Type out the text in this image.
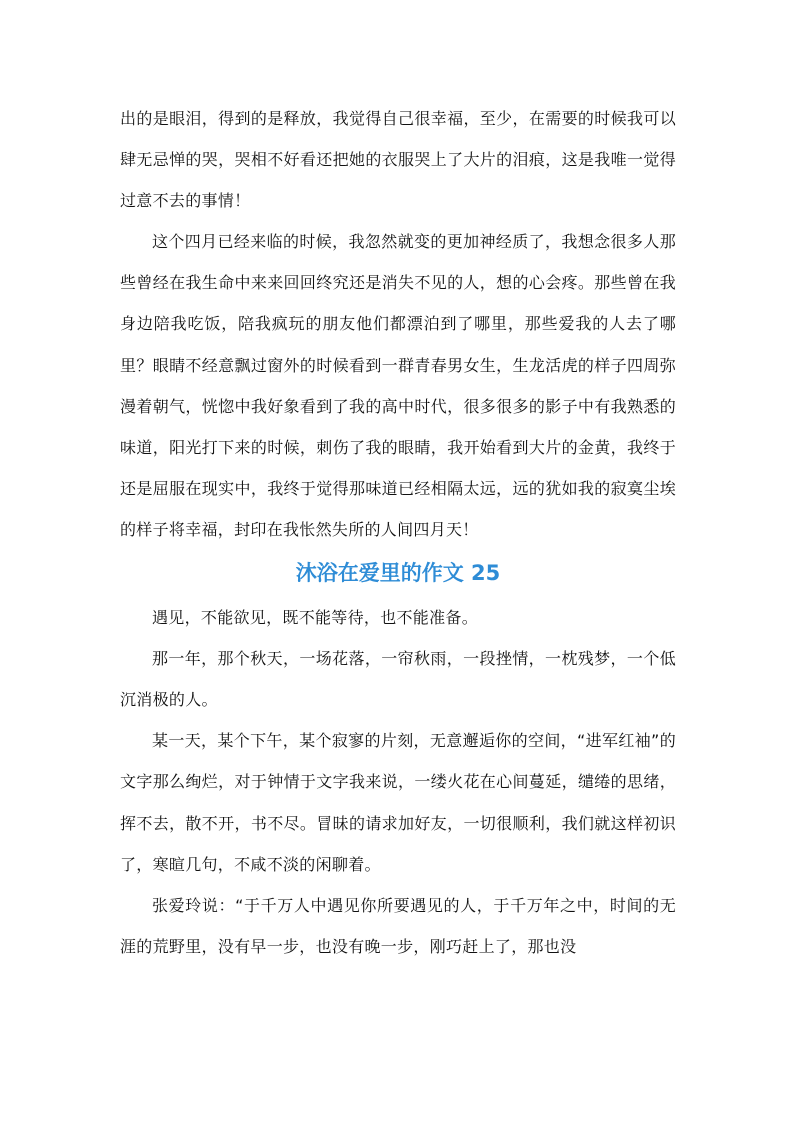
出的是眼泪，得到的是释放，我觉得自己很幸福，至少，在需要的时候我可以肆无忌惮的哭，哭相不好看还把她的衣服哭上了大片的泪痕，这是我唯一觉得过意不去的事情！

这个四月已经来临的时候，我忽然就变的更加神经质了，我想念很多人那些曾经在我生命中来来回回终究还是消失不见的人，想的心会疼。那些曾在我身边陪我吃饭，陪我疯玩的朋友他们都漂泊到了哪里，那些爱我的人去了哪里？眼睛不经意飘过窗外的时候看到一群青春男女生，生龙活虎的样子四周弥漫着朝气，恍惚中我好象看到了我的高中时代，很多很多的影子中有我熟悉的味道，阳光打下来的时候，刺伤了我的眼睛，我开始看到大片的金黄，我终于还是屈服在现实中，我终于觉得那味道已经相隔太远，远的犹如我的寂寞尘埃的样子将幸福，封印在我怅然失所的人间四月天！

沐浴在爱里的作文 25

遇见，不能欲见，既不能等待，也不能准备。

那一年，那个秋天，一场花落，一帘秋雨，一段挫情，一枕残梦，一个低沉消极的人。

某一天，某个下午，某个寂寥的片刻，无意邂逅你的空间，“进军红袖”的文字那么绚烂，对于钟情于文字我来说，一缕火花在心间蔓延，缱绻的思绪，挥不去，散不开，书不尽。冒昧的请求加好友，一切很顺利，我们就这样初识了，寒暄几句，不咸不淡的闲聊着。

张爱玲说：“于千万人中遇见你所要遇见的人，于千万年之中，时间的无涯的荒野里，没有早一步，也没有晚一步，刚巧赶上了，那也没
